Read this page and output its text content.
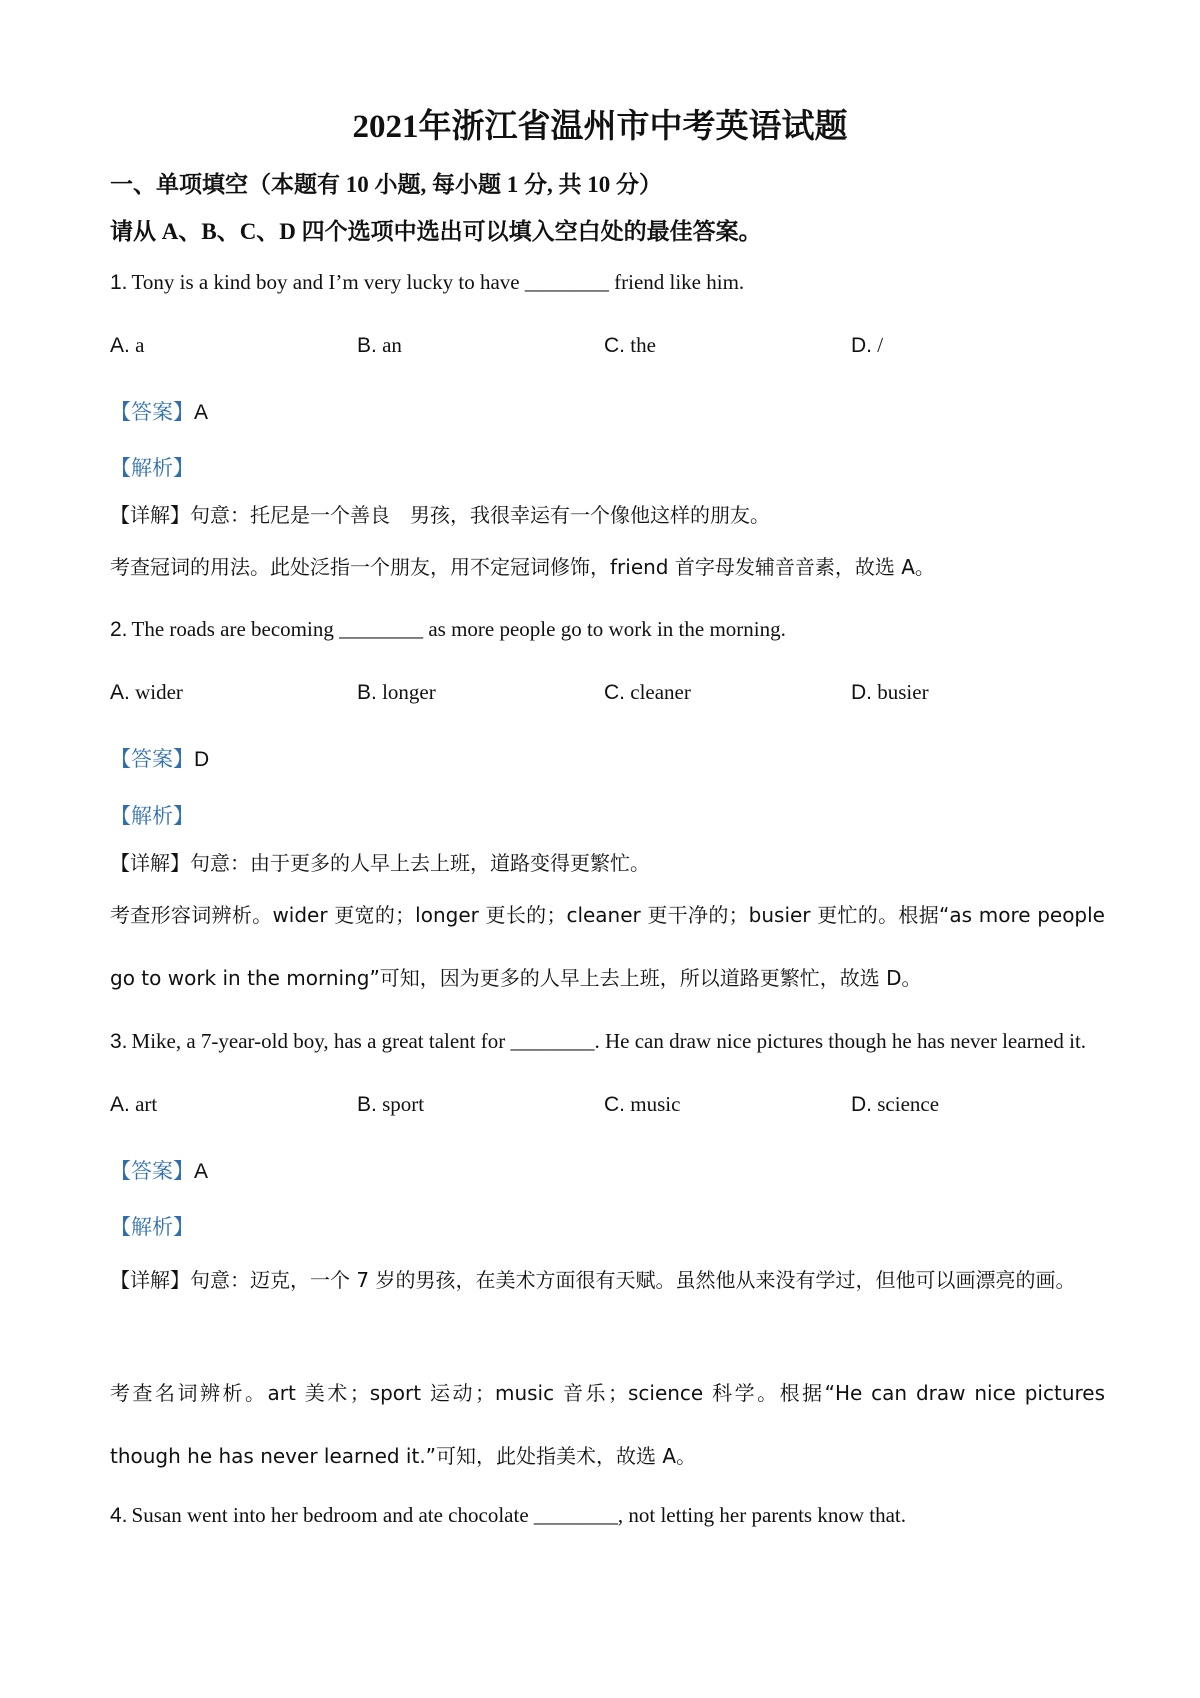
2021年浙江省温州市中考英语试题
一、单项填空（本题有 10 小题, 每小题 1 分, 共 10 分）
请从 A、B、C、D 四个选项中选出可以填入空白处的最佳答案。
1. Tony is a kind boy and I’m very lucky to have ________ friend like him.
A. a	B. an	C. the	D. /
【答案】A
【解析】
【详解】句意：托尼是一个善良　男孩，我很幸运有一个像他这样的朋友。
考查冠词的用法。此处泛指一个朋友，用不定冠词修饰，friend 首字母发辅音音素，故选 A。
2. The roads are becoming ________ as more people go to work in the morning.
A. wider	B. longer	C. cleaner	D. busier
【答案】D
【解析】
【详解】句意：由于更多的人早上去上班，道路变得更繁忙。
考查形容词辨析。wider 更宽的；longer 更长的；cleaner 更干净的；busier 更忙的。根据“as more people go to work in the morning”可知，因为更多的人早上去上班，所以道路更繁忙，故选 D。
3. Mike, a 7-year-old boy, has a great talent for ________. He can draw nice pictures though he has never learned it.
A. art	B. sport	C. music	D. science
【答案】A
【解析】
【详解】句意：迈克，一个 7 岁的男孩，在美术方面很有天赋。虽然他从来没有学过，但他可以画漂亮的画。
考查名词辨析。art 美术；sport 运动；music 音乐；science 科学。根据“He can draw nice pictures though he has never learned it.”可知，此处指美术，故选 A。
4. Susan went into her bedroom and ate chocolate ________, not letting her parents know that.
